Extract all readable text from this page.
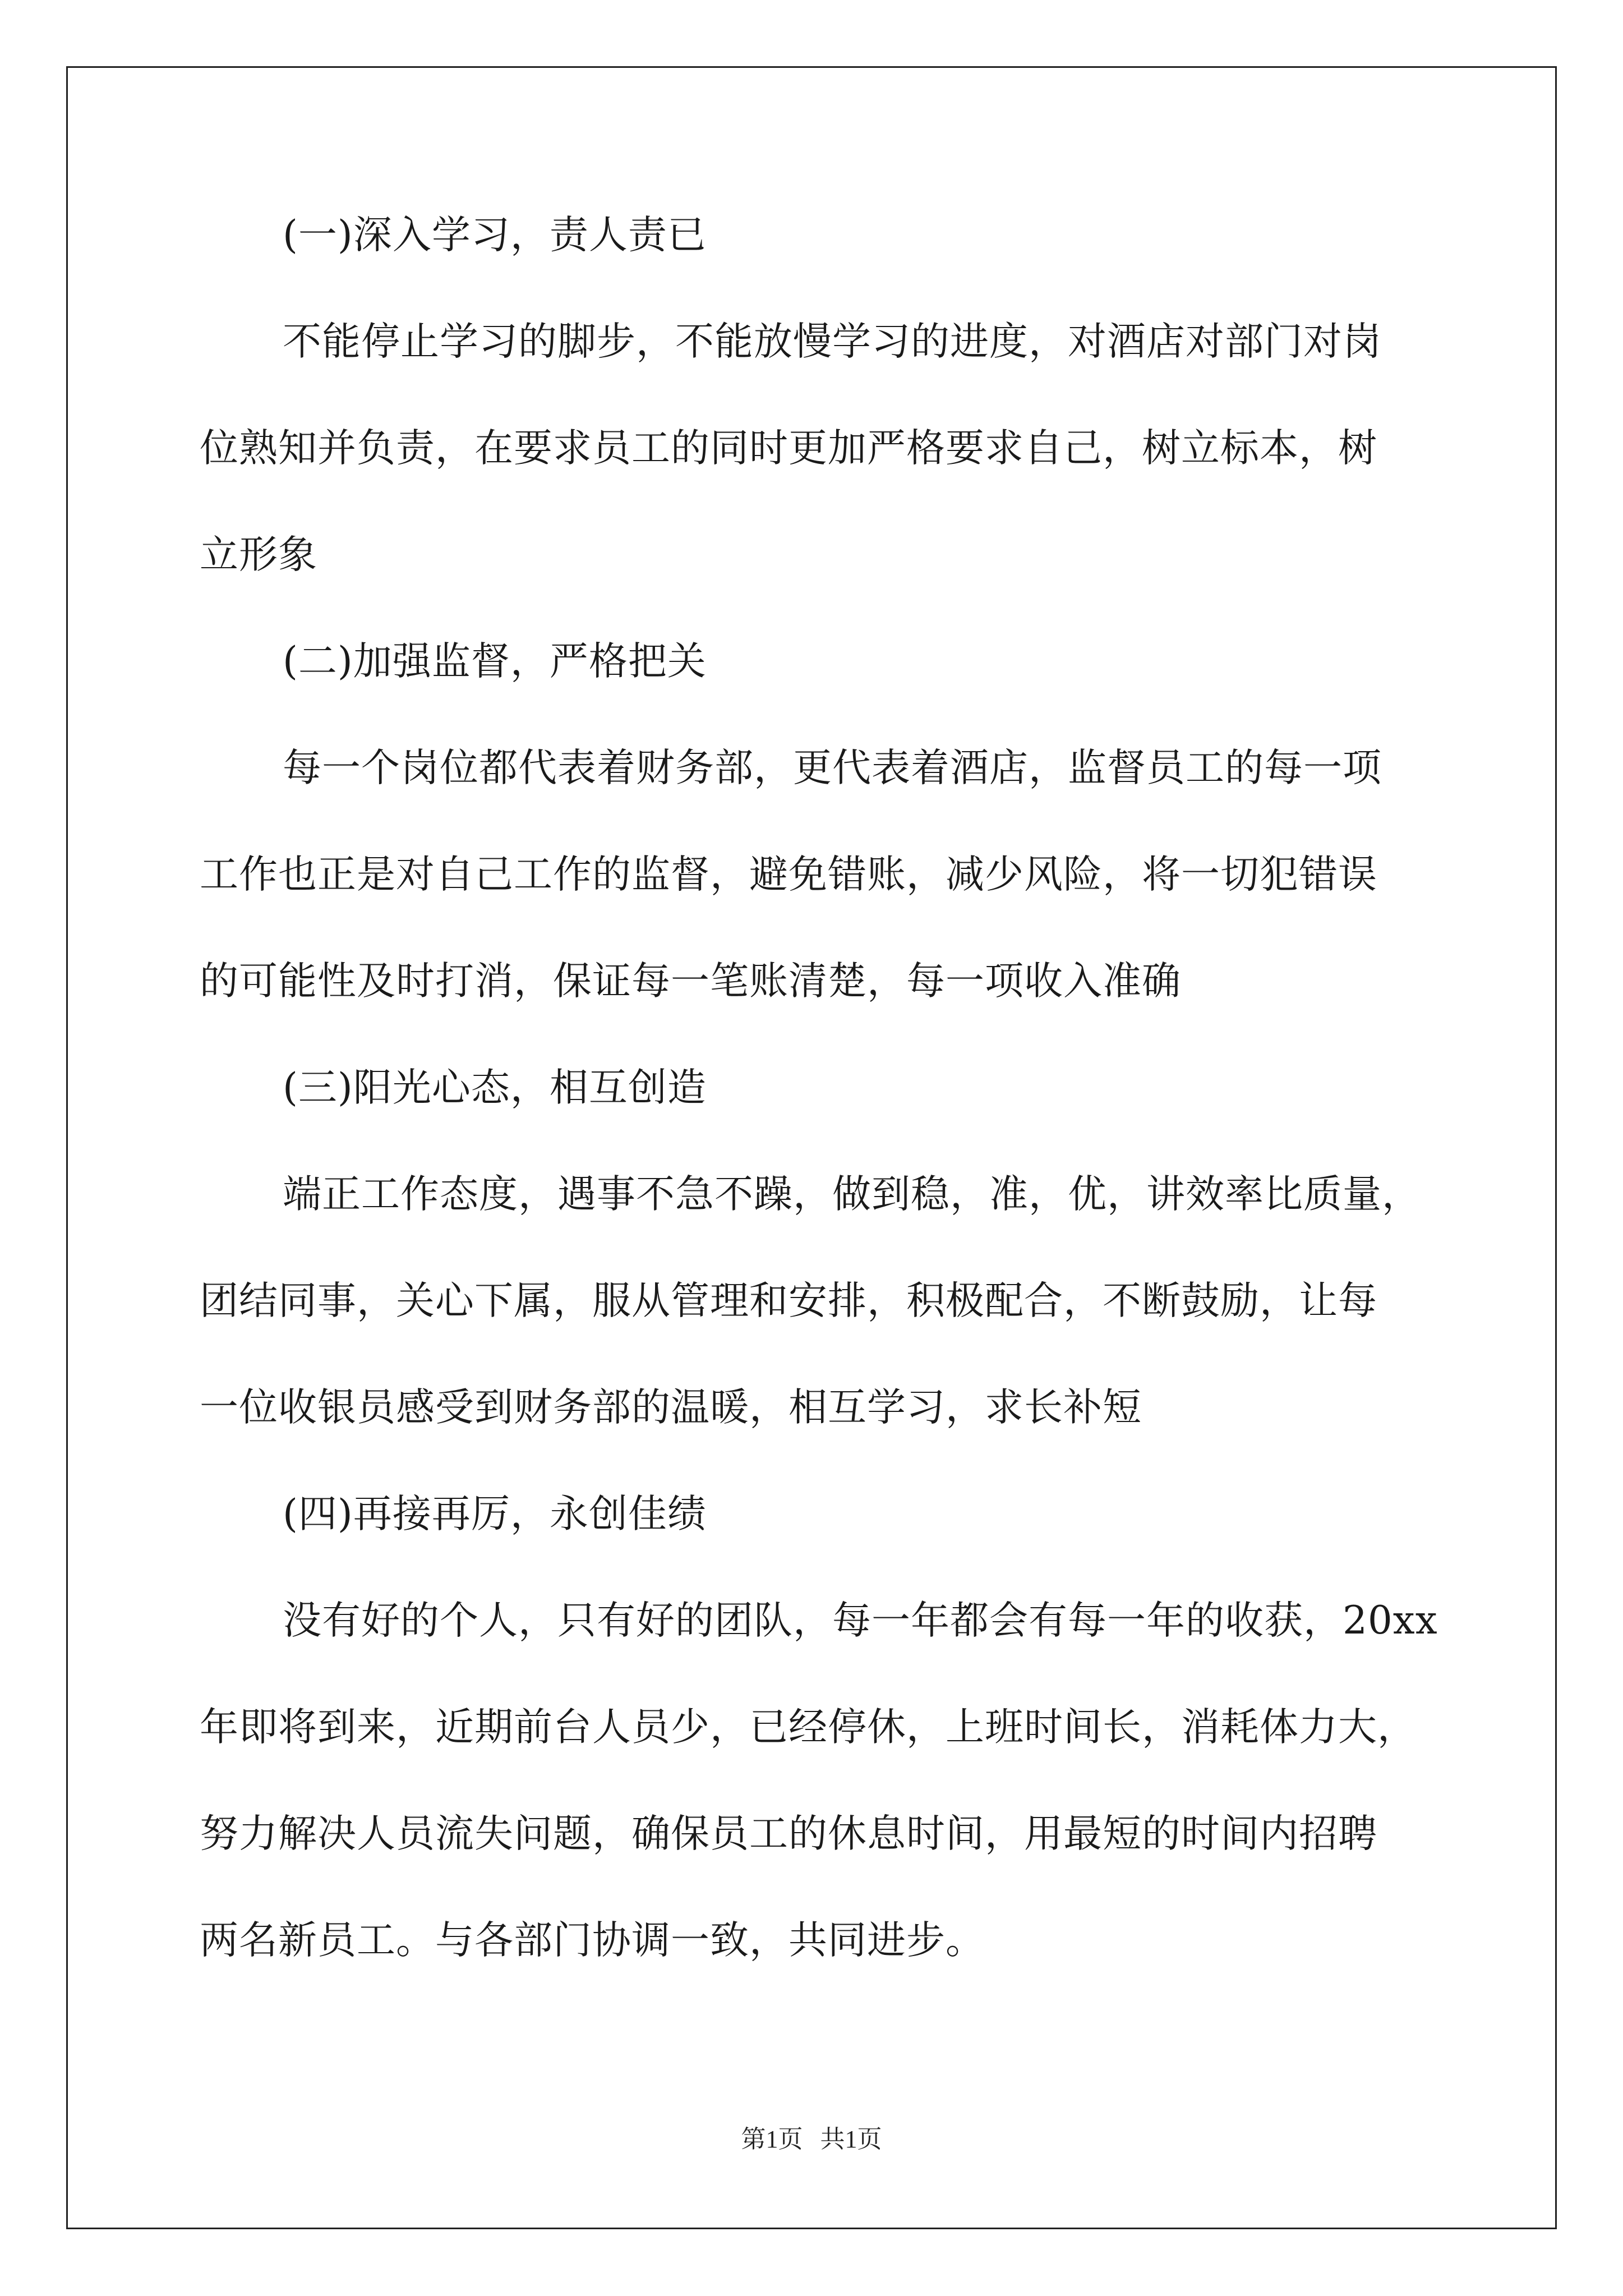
(一)深入学习，责人责已
不能停止学习的脚步，不能放慢学习的进度，对酒店对部门对岗
位熟知并负责，在要求员工的同时更加严格要求自己，树立标本，树
立形象
(二)加强监督，严格把关
每一个岗位都代表着财务部，更代表着酒店，监督员工的每一项
工作也正是对自己工作的监督，避免错账，减少风险，将一切犯错误
的可能性及时打消，保证每一笔账清楚，每一项收入准确
(三)阳光心态，相互创造
端正工作态度，遇事不急不躁，做到稳，准，优，讲效率比质量，
团结同事，关心下属，服从管理和安排，积极配合，不断鼓励，让每
一位收银员感受到财务部的温暖，相互学习，求长补短
(四)再接再厉，永创佳绩
没有好的个人，只有好的团队，每一年都会有每一年的收获，20xx
年即将到来，近期前台人员少，已经停休，上班时间长，消耗体力大，
努力解决人员流失问题，确保员工的休息时间，用最短的时间内招聘
两名新员工。与各部门协调一致，共同进步。
第1页 共1页
